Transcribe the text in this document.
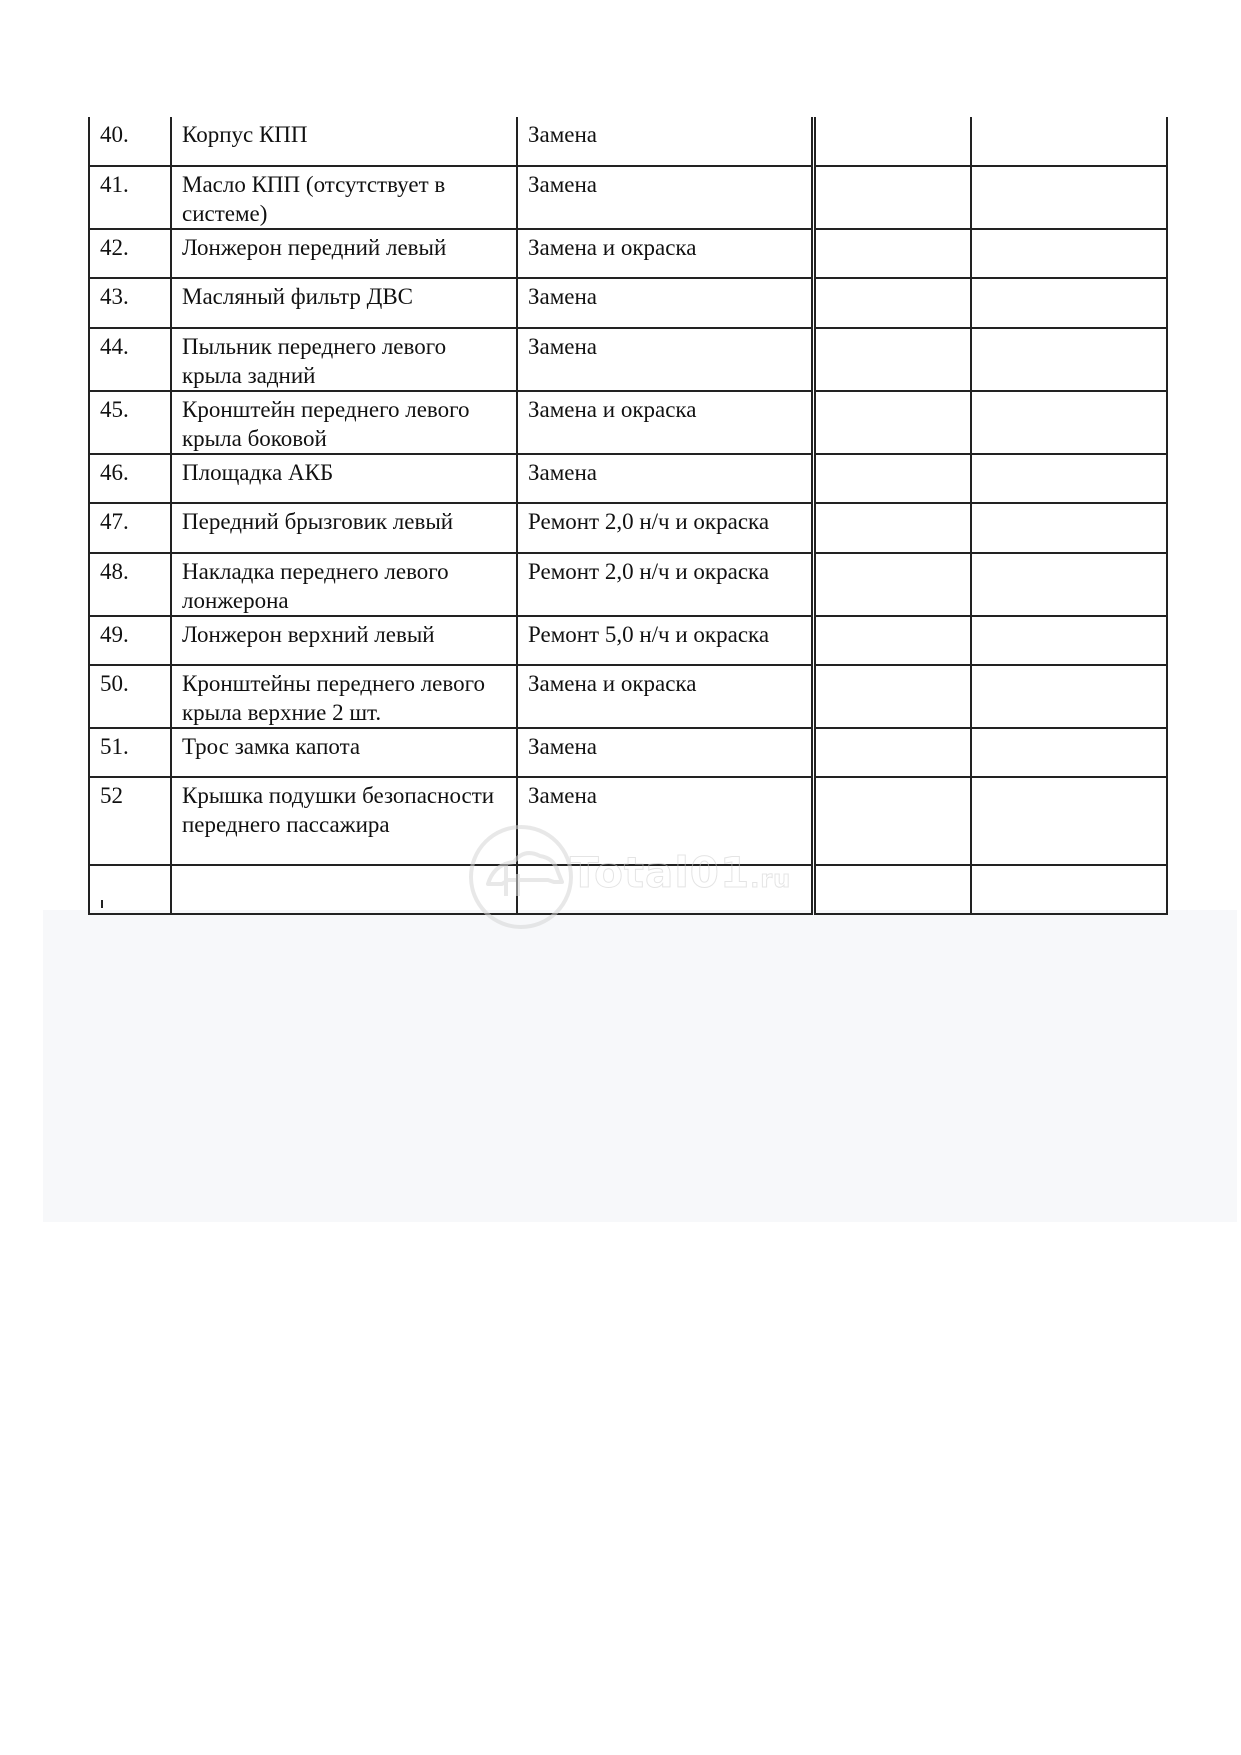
40.	Корпус КПП	Замена		
41.	Масло КПП (отсутствует в системе)	Замена		
42.	Лонжерон передний левый	Замена и окраска		
43.	Масляный фильтр ДВС	Замена		
44.	Пыльник переднего левого крыла задний	Замена		
45.	Кронштейн переднего левого крыла боковой	Замена и окраска		
46.	Площадка АКБ	Замена		
47.	Передний брызговик левый	Ремонт 2,0 н/ч и окраска		
48.	Накладка переднего левого лонжерона	Ремонт 2,0 н/ч и окраска		
49.	Лонжерон верхний левый	Ремонт 5,0 н/ч и окраска		
50.	Кронштейны переднего левого крыла верхние 2 шт.	Замена и окраска		
51.	Трос замка капота	Замена		
52	Крышка подушки безопасности переднего пассажира	Замена		

Total01.ru
